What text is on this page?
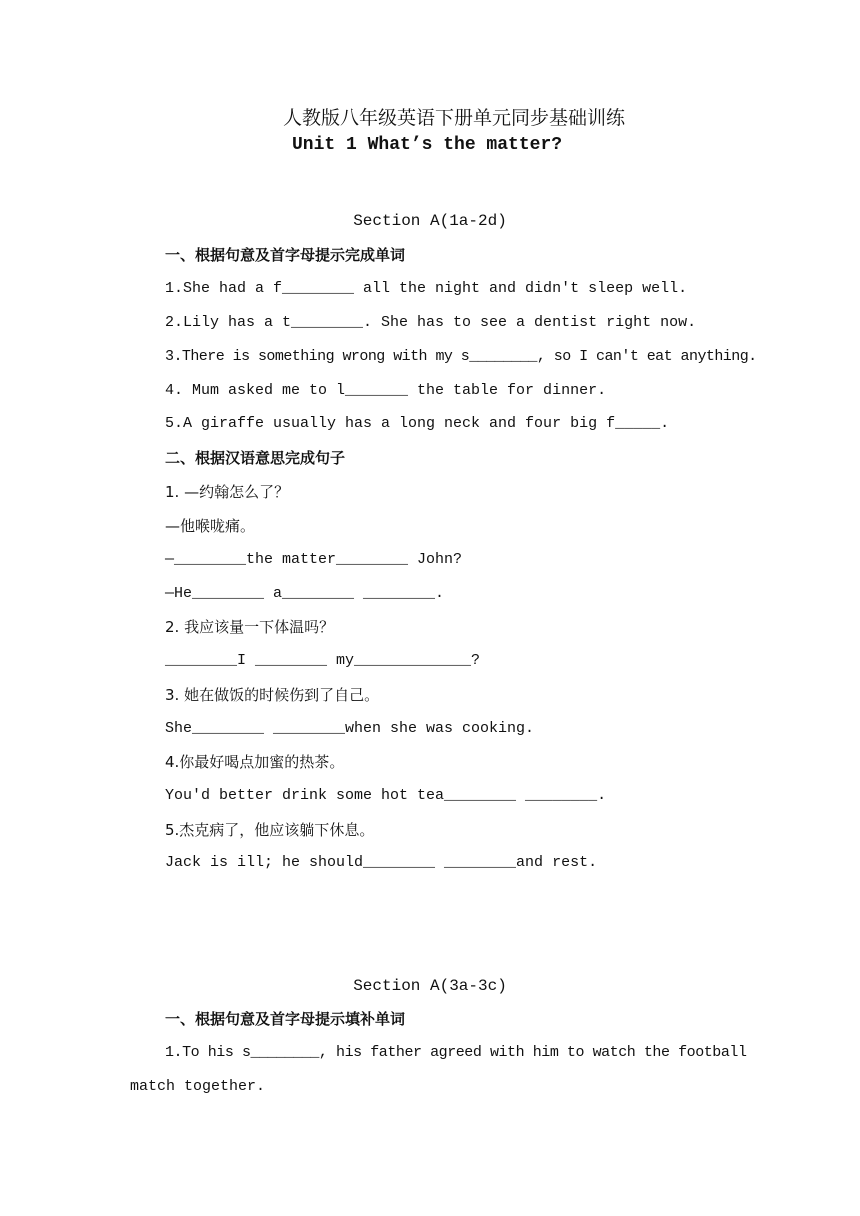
人教版八年级英语下册单元同步基础训练
Unit 1 What’s the matter?
Section A(1a-2d)
一、根据句意及首字母提示完成单词
1.She had a f________ all the night and didn't sleep well.
2.Lily has a t________. She has to see a dentist right now.
3.There is something wrong with my s________, so I can't eat anything.
4. Mum asked me to l_______ the table for dinner.
5.A giraffe usually has a long neck and four big f_____.
二、根据汉语意思完成句子
1. —约翰怎么了？
—他喉咙痛。
—________the matter________ John?
—He________ a________ ________.
2. 我应该量一下体温吗？
________I ________ my_____________?
3. 她在做饭的时候伤到了自己。
She________ ________when she was cooking.
4.你最好喝点加蜜的热茶。
You'd better drink some hot tea________ ________.
5.杰克病了，他应该躺下休息。
Jack is ill; he should________ ________and rest.
Section A(3a-3c)
一、根据句意及首字母提示填补单词
1.To his s________, his father agreed with him to watch the football
match together.
